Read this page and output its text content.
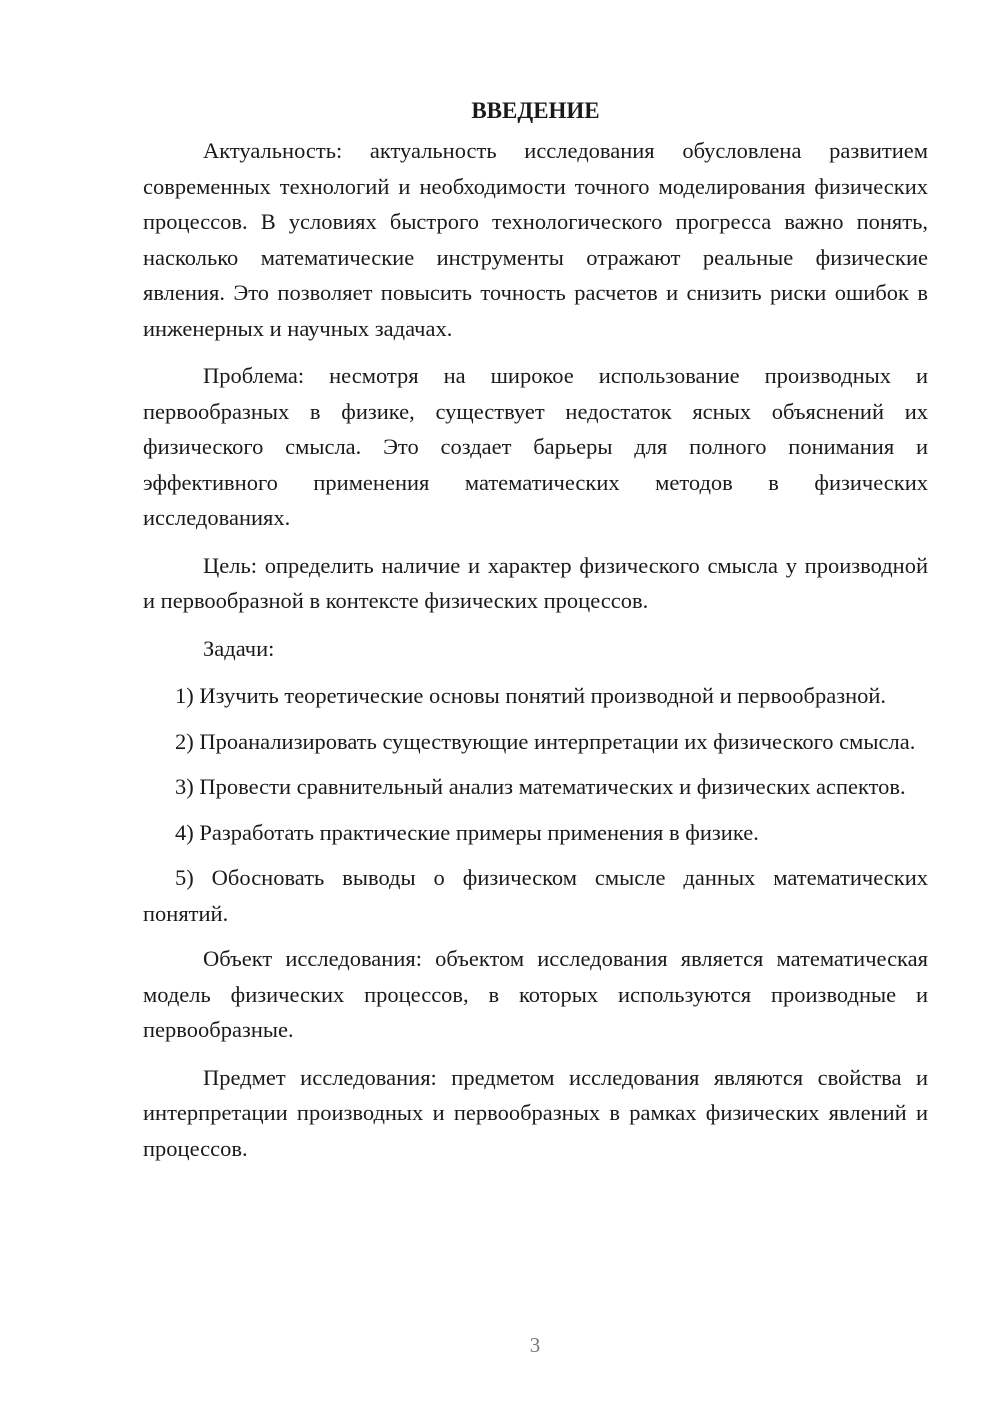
ВВЕДЕНИЕ

Актуальность: актуальность исследования обусловлена развитием современных технологий и необходимости точного моделирования физических процессов. В условиях быстрого технологического прогресса важно понять, насколько математические инструменты отражают реальные физические явления. Это позволяет повысить точность расчетов и снизить риски ошибок в инженерных и научных задачах.

Проблема: несмотря на широкое использование производных и первообразных в физике, существует недостаток ясных объяснений их физического смысла. Это создает барьеры для полного понимания и эффективного применения математических методов в физических исследованиях.

Цель: определить наличие и характер физического смысла у производной и первообразной в контексте физических процессов.

Задачи:

1) Изучить теоретические основы понятий производной и первообразной.

2) Проанализировать существующие интерпретации их физического смысла.

3) Провести сравнительный анализ математических и физических аспектов.

4) Разработать практические примеры применения в физике.

5) Обосновать выводы о физическом смысле данных математических понятий.

Объект исследования: объектом исследования является математическая модель физических процессов, в которых используются производные и первообразные.

Предмет исследования: предметом исследования являются свойства и интерпретации производных и первообразных в рамках физических явлений и процессов.

3
